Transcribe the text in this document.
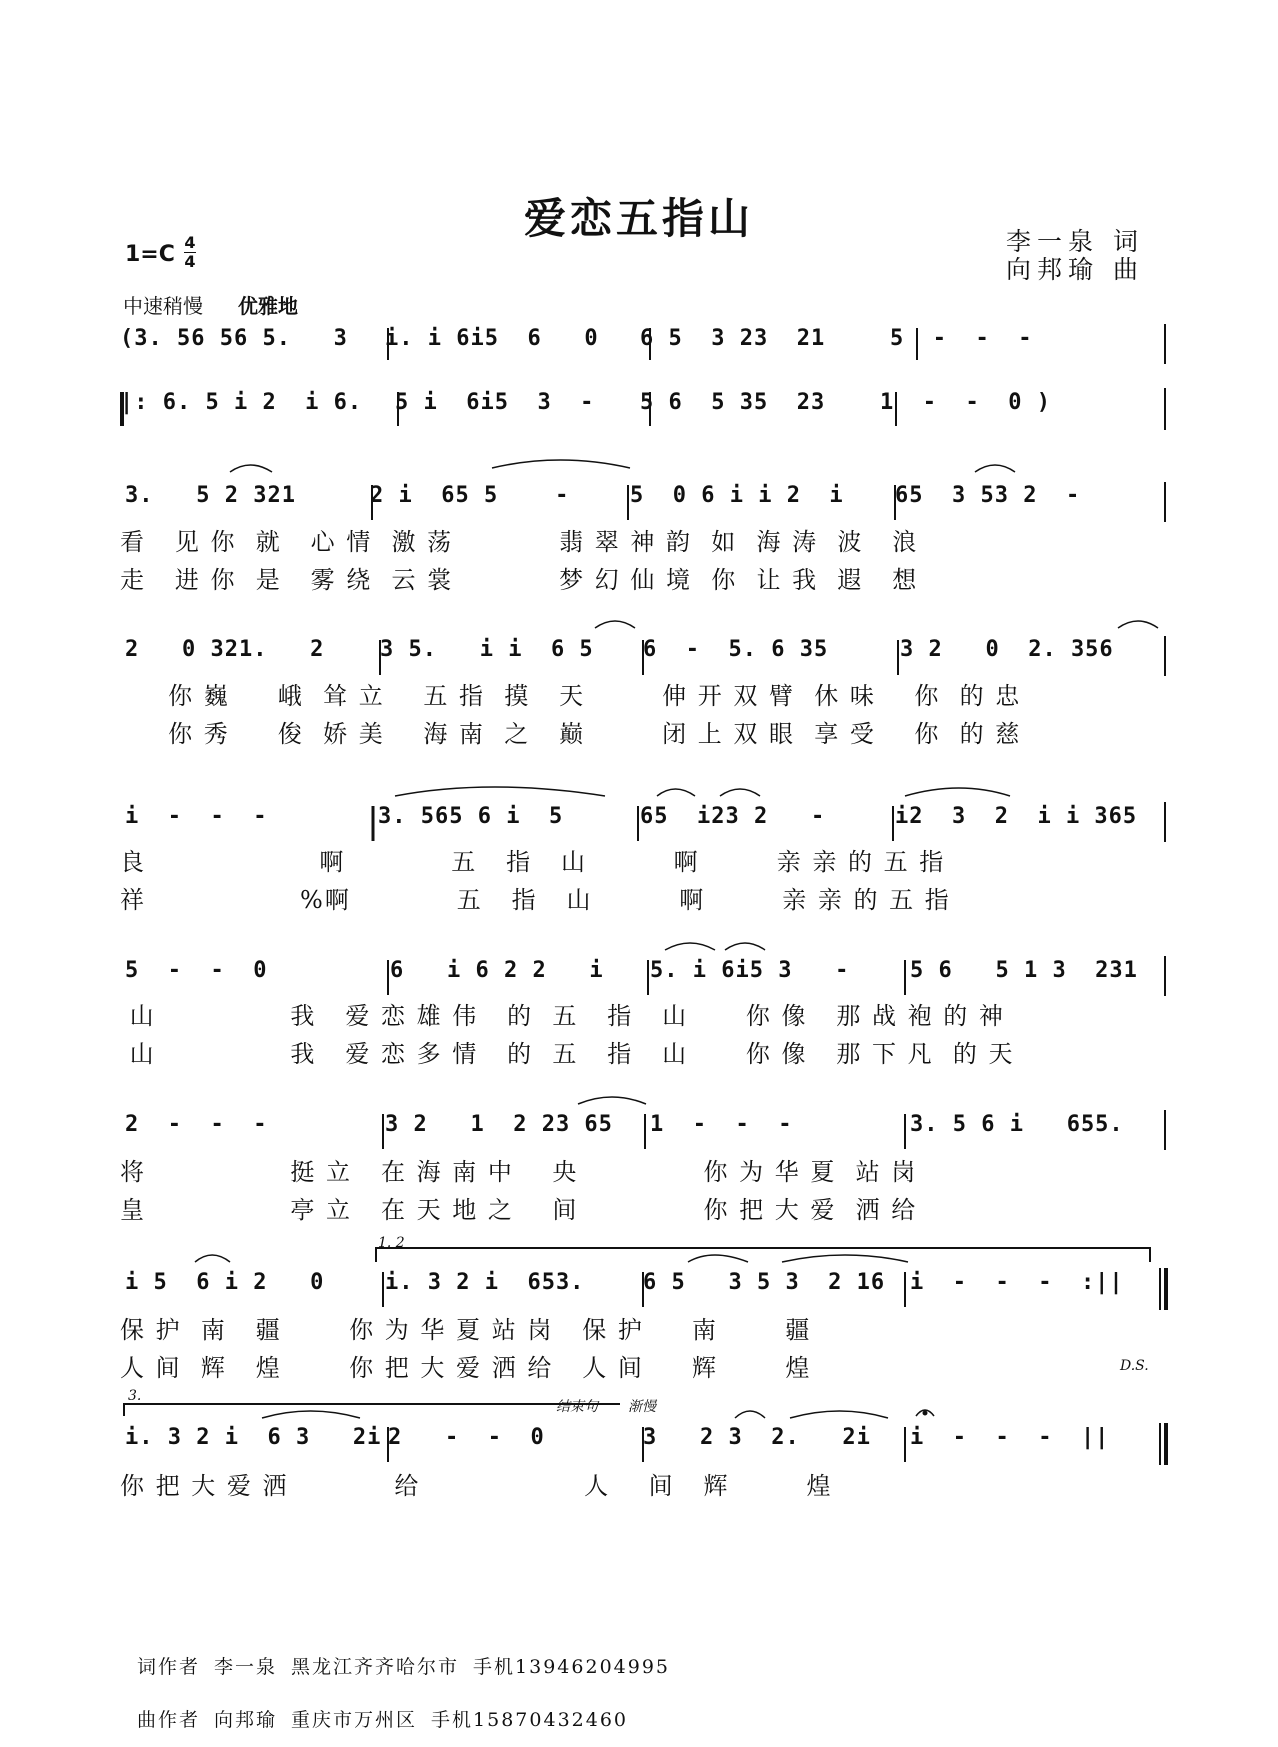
爱恋五指山	李一泉 词
向邦瑜 曲
1=C 4
4
中速稍慢 优雅地
(3. 56 56 5.   3 i. i 6i5  6   0 6 5  3 23  21	5  -  -  -
|: 6. 5 i 2  i 6. 5 i  6i5  3  - 5 6  5 35  23 1  -  -  0 )
3.   5 2 321	2 i  65 5    -	5  0 6 i i 2  i 65  3 53 2  -
看   见 你  就   心 情  激 荡           翡 翠 神 韵  如  海 涛  波   浪
走   进 你  是   雾 绕  云 裳           梦 幻 仙 境  你  让 我  遐   想
2   0 321.   2	3 5.   i i  6 5 6  -  5. 6 35	3 2   0  2. 356
你 巍     峨  耸 立    五 指  摸   天        伸 开 双 臂  休 味    你  的 忠
你 秀     俊  娇 美    海 南  之   巅        闭 上 双 眼  享 受    你  的 慈
i  -  -  -	3. 565 6 i  5	65  i23 2   -	i2  3  2  i i 365
良                  啊           五   指   山         啊        亲 亲 的 五 指
祥                %啊           五   指   山         啊        亲 亲 的 五 指
5  -  -  0	6   i 6 2 2   i 5. i 6i5 3   -	5 6   5 1 3  231
山              我   爱 恋 雄 伟   的  五   指   山      你 像   那 战 袍 的 神
山              我   爱 恋 多 情   的  五   指   山      你 像   那 下 凡  的 天
2  -  -  -	3 2   1  2 23 65 1  -  -  -	3. 5 6 i   655.
将               挺 立   在 海 南 中    央             你 为 华 夏  站 岗
皇               亭 立   在 天 地 之    间             你 把 大 爱  洒 给
i 5  6 i 2   0	i. 3 2 i  653.	6 5   3 5 3  2 16 i  -  -  -  :||
保 护  南   疆       你 为 华 夏 站 岗   保 护     南       疆
人 间  辉   煌       你 把 大 爱 洒 给   人 间     辉       煌
1. 2
D.S.
i. 3 2 i  6 3   2i 2   -  -  0	3   2 3  2.   2i i  -  -  -  ||
你 把 大 爱 洒           给                 人    间   辉        煌
3.
结束句 渐慢
词作者 李一泉 黑龙江齐齐哈尔市 手机13946204995
曲作者 向邦瑜 重庆市万州区 手机15870432460
